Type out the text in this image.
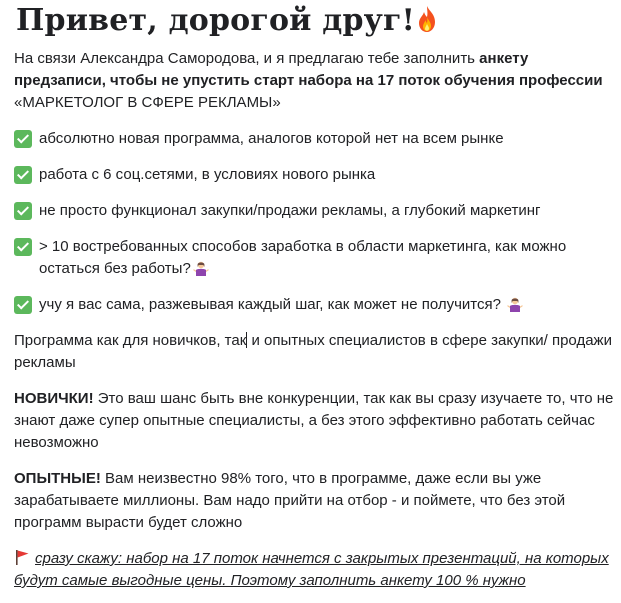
Привет, дорогой друг!

На связи Александра Самородова, и я предлагаю тебе заполнить анкету предзаписи, чтобы не упустить старт набора на 17 поток обучения профессии «МАРКЕТОЛОГ В СФЕРЕ РЕКЛАМЫ»

абсолютно новая программа, аналогов которой нет на всем рынке

работа с 6 соц.сетями, в условиях нового рынка

не просто функционал закупки/продажи рекламы, а глубокий маркетинг

> 10 востребованных способов заработка в области маркетинга, как можно остаться без работы?

учу я вас сама, разжевывая каждый шаг, как может не получится?

Программа как для новичков, так и опытных специалистов в сфере закупки/ продажи рекламы

НОВИЧКИ! Это ваш шанс быть вне конкуренции, так как вы сразу изучаете то, что не знают даже супер опытные специалисты, а без этого эффективно работать сейчас невозможно

ОПЫТНЫЕ! Вам неизвестно 98% того, что в программе, даже если вы уже зарабатываете миллионы. Вам надо прийти на отбор - и поймете, что без этой программ вырасти будет сложно

сразу скажу: набор на 17 поток начнется с закрытых презентаций, на которых будут самые выгодные цены. Поэтому заполнить анкету 100 % нужно
